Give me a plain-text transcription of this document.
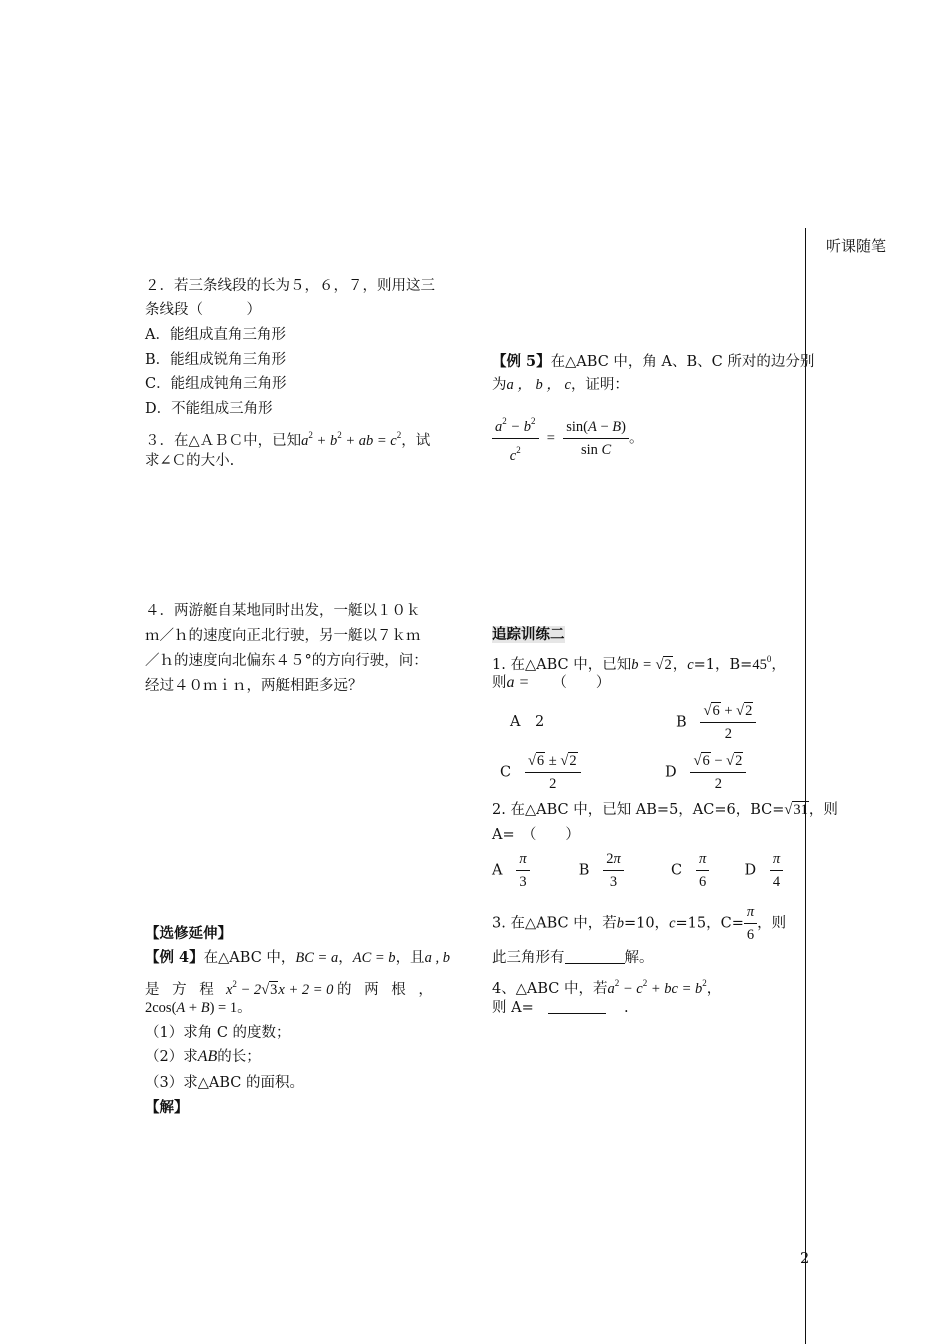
听课随笔
2
２．若三条线段的长为５，６，７，则用这三
条线段（　　　）
A．能组成直角三角形
B．能组成锐角三角形
C．能组成钝角三角形
D．不能组成三角形
３．在△ＡＢＣ中，已知$a^2 + b^2$ + ab = $c^2$，试
求∠Ｃ的大小.
４．两游艇自某地同时出发，一艇以１０ｋ
ｍ／ｈ的速度向正北行驶，另一艇以７ｋｍ
／ｈ的速度向北偏东４５°的方向行驶，问：
经过４０ｍｉｎ，两艇相距多远？
【选修延伸】
【例 4】在△ABC 中，BC = a，AC = b，且a , b
是 方 程  $x^2 - 2√3x + 2 = 0$ 的 两 根 ，
2cos(A + B) = 1。
（1）求角 C 的度数；
（2）求AB的长；
（3）求△ABC 的面积。
【解】
【例 5】在△ABC 中，角 A、B、C 所对的边分别
为a ， b ， c，证明：
$\frac{a^2 - b^2}{c^2} = \frac{\sin(A - B)}{\text{sin C}}$ 。
追踪训练二
1. 在△ABC 中，已知b = √2，c=1，$B=45^0$，
则a = （　　）
A　2	B $\frac{√6 + √2}{2}$
C $\frac{√6 \pm √2}{2}$	D $\frac{√6 - √2}{2}$
2. 在△ABC 中，已知 AB=5，AC=6，BC=√31，则
A=　（　　）
A $\frac{\pi}{3}$	B $\frac{2\pi}{3}$	C $\frac{\pi}{6}$ D $\frac{\pi}{4}$
3. 在△ABC 中，若b=10，c=15，$C= \frac{\pi}{6}$ ，则
此三角形有	解。
4、△ABC 中，若$a^2 - c^2$ + bc = $b^2$，
则 A=	.
